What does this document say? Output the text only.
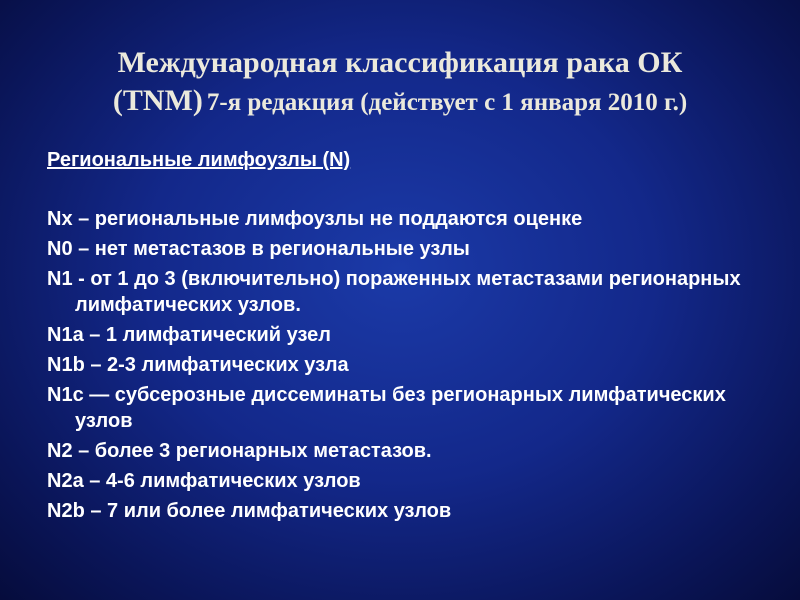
Международная классификация рака ОК
(TNM) 7-я редакция (действует с 1 января 2010 г.)
Региональные лимфоузлы (N)
Nx – региональные лимфоузлы не поддаются оценке
N0 – нет метастазов в региональные узлы
N1 - от 1 до 3 (включительно) пораженных метастазами регионарных лимфатических узлов.
N1a – 1 лимфатический узел
N1b – 2-3 лимфатических узла
N1c — субсерозные диссеминаты без регионарных лимфатических узлов
N2 – более 3 регионарных метастазов.
N2a – 4-6 лимфатических узлов
N2b – 7 или более лимфатических узлов
